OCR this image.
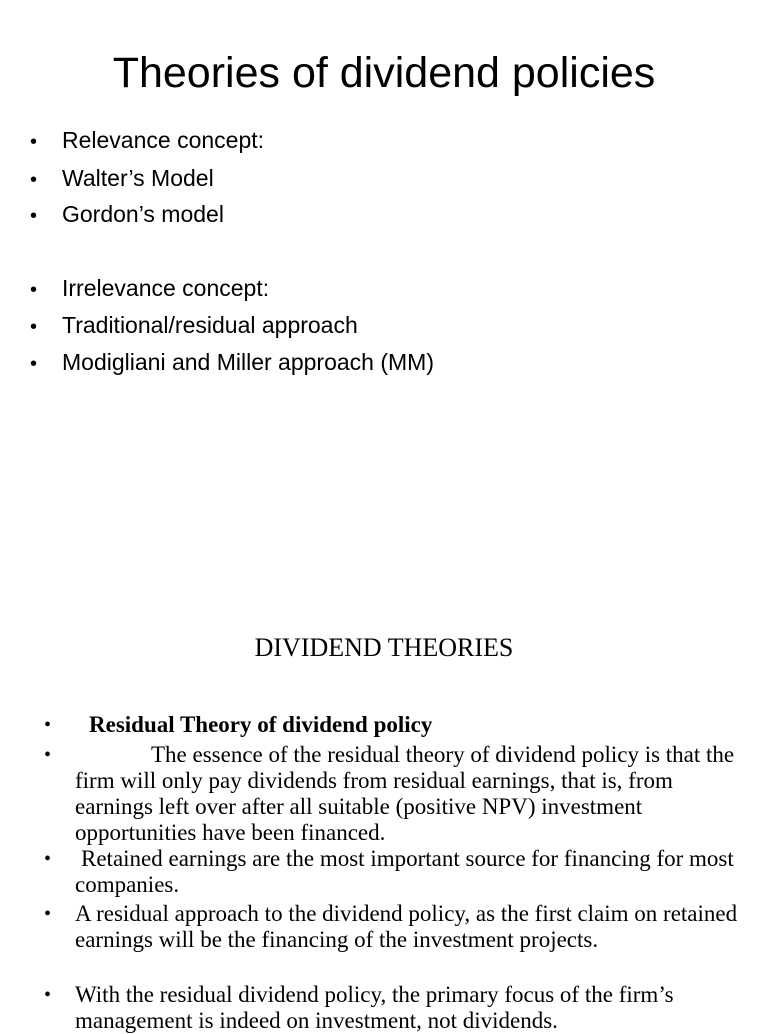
Theories of dividend policies
• Relevance concept:
• Walter’s Model
• Gordon’s model
• Irrelevance concept:
• Traditional/residual approach
• Modigliani and Miller approach (MM)
DIVIDEND THEORIES
• Residual Theory of dividend policy
•	The essence of the residual theory of dividend policy is that the firm will only pay dividends from residual earnings, that is, from earnings left over after all suitable (positive NPV) investment opportunities have been financed.
• Retained earnings are the most important source for financing for most companies.
• A residual approach to the dividend policy, as the first claim on retained earnings will be the financing of the investment projects.
• With the residual dividend policy, the primary focus of the firm’s management is indeed on investment, not dividends.
